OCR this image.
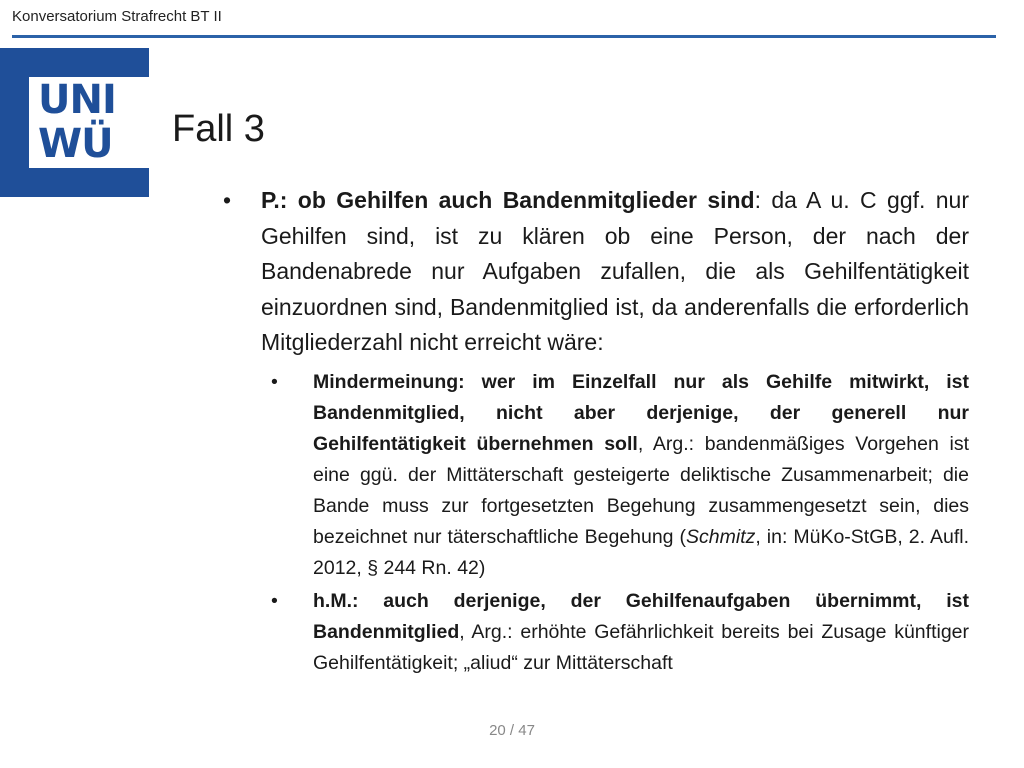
Konversatorium Strafrecht BT II
UNI
WÜ Fall 3
• P.: ob Gehilfen auch Bandenmitglieder sind: da A u. C ggf. nur Gehilfen sind, ist zu klären ob eine Person, der nach der Bandenabrede nur Aufgaben zufallen, die als Gehilfentätigkeit einzuordnen sind, Bandenmitglied ist, da anderenfalls die erforderlich Mitgliederzahl nicht erreicht wäre:
• Mindermeinung: wer im Einzelfall nur als Gehilfe mitwirkt, ist Bandenmitglied, nicht aber derjenige, der generell nur Gehilfentätigkeit übernehmen soll, Arg.: bandenmäßiges Vorgehen ist eine ggü. der Mittäterschaft gesteigerte deliktische Zusammenarbeit; die Bande muss zur fortgesetzten Begehung zusammengesetzt sein, dies bezeichnet nur täterschaftliche Begehung (Schmitz, in: MüKo-StGB, 2. Aufl. 2012, § 244 Rn. 42)
• h.M.: auch derjenige, der Gehilfenaufgaben übernimmt, ist Bandenmitglied, Arg.: erhöhte Gefährlichkeit bereits bei Zusage künftiger Gehilfentätigkeit; „aliud“ zur Mittäterschaft
20 / 47
